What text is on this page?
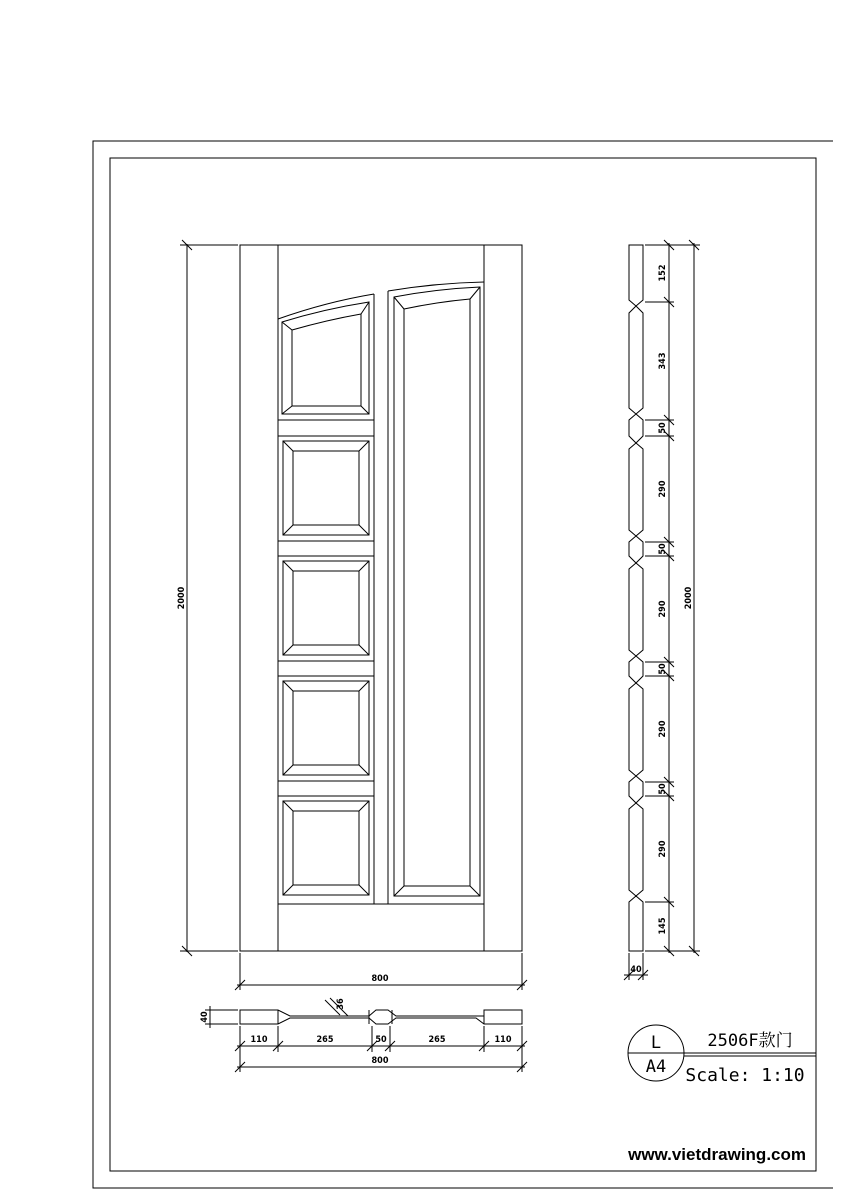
2000
800
40
36
110	265	50	265	110
800
152
343
50
290
50
290
50
290
50
290
145
2000
40
L
A4
2506F款门
Scale: 1:10
www.vietdrawing.com
